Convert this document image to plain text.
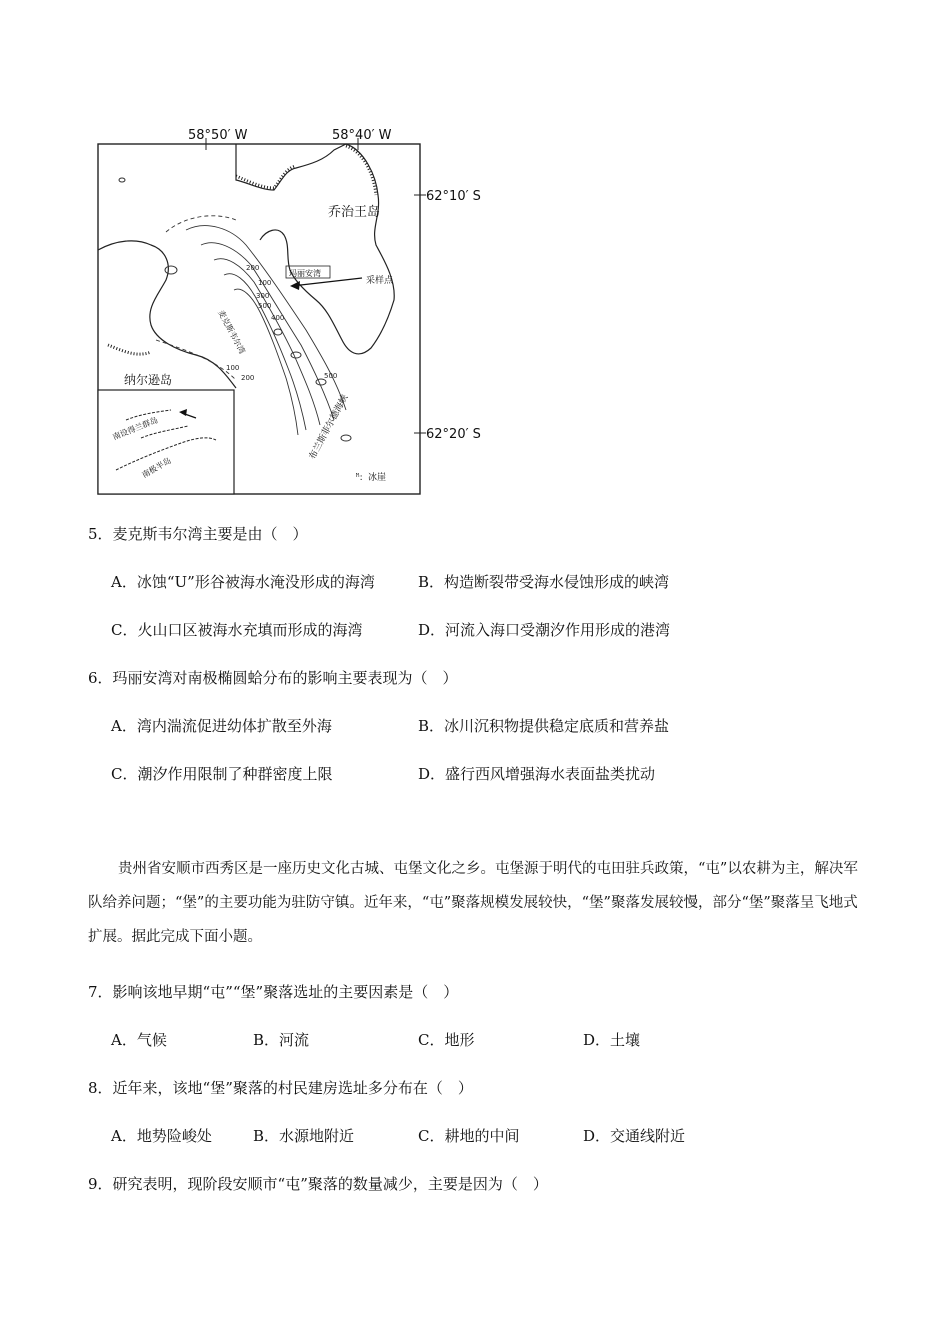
58°50′ W	58°40′ W
62°10′ S
62°20′ S
100
200
300
400
500
100
200	500
乔治王岛
纳尔逊岛
玛丽安湾
采样点
麦克斯韦尔湾
布兰斯菲尔德海峡
南设得兰群岛
南极半岛	ⁿ̈: 冰崖
5．麦克斯韦尔湾主要是由（　）
A．冰蚀“U”形谷被海水淹没形成的海湾	B．构造断裂带受海水侵蚀形成的峡湾
C．火山口区被海水充填而形成的海湾	D．河流入海口受潮汐作用形成的港湾
6．玛丽安湾对南极椭圆蛤分布的影响主要表现为（　）
A．湾内湍流促进幼体扩散至外海	B．冰川沉积物提供稳定底质和营养盐
C．潮汐作用限制了种群密度上限	D．盛行西风增强海水表面盐类扰动
贵州省安顺市西秀区是一座历史文化古城、屯堡文化之乡。屯堡源于明代的屯田驻兵政策，“屯”以农耕为主，解决军队给养问题；“堡”的主要功能为驻防守镇。近年来，“屯”聚落规模发展较快，“堡”聚落发展较慢，部分“堡”聚落呈飞地式扩展。据此完成下面小题。
7．影响该地早期“屯”“堡”聚落选址的主要因素是（　）
A．气候	B．河流	C．地形	D．土壤
8．近年来，该地“堡”聚落的村民建房选址多分布在（　）
A．地势险峻处	B．水源地附近	C．耕地的中间	D．交通线附近
9．研究表明，现阶段安顺市“屯”聚落的数量减少，主要是因为（　）
